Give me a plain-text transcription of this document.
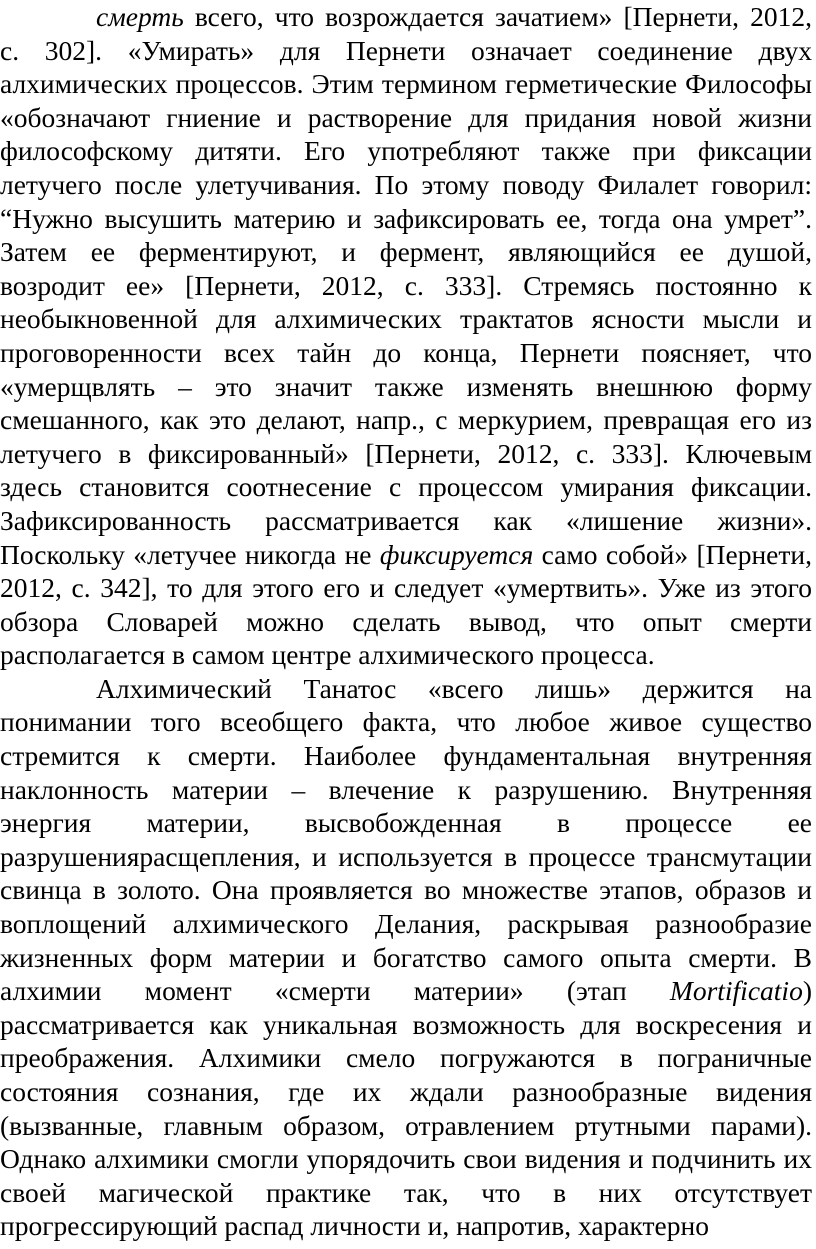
смерть всего, что возрождается зачатием» [Пернети, 2012,
с. 302]. «Умирать» для Пернети означает соединение двух
алхимических процессов. Этим термином герметические Философы
«обозначают гниение и растворение для придания новой жизни
философскому дитяти. Его употребляют также при фиксации
летучего после улетучивания. По этому поводу Филалет говорил:
“Нужно высушить материю и зафиксировать ее, тогда она умрет”.
Затем ее ферментируют, и фермент, являющийся ее душой,
возродит ее» [Пернети, 2012, с. 333]. Стремясь постоянно к
необыкновенной для алхимических трактатов ясности мысли и
проговоренности всех тайн до конца, Пернети поясняет, что
«умерщвлять – это значит также изменять внешнюю форму
смешанного, как это делают, напр., с меркурием, превращая его из
летучего в фиксированный» [Пернети, 2012, с. 333]. Ключевым
здесь становится соотнесение с процессом умирания фиксации.
Зафиксированность рассматривается как «лишение жизни».
Поскольку «летучее никогда не фиксируется само собой» [Пернети,
2012, с. 342], то для этого его и следует «умертвить». Уже из этого
обзора Словарей можно сделать вывод, что опыт смерти
располагается в самом центре алхимического процесса.
Алхимический Танатос «всего лишь» держится на
понимании того всеобщего факта, что любое живое существо
стремится к смерти. Наиболее фундаментальная внутренняя
наклонность материи – влечение к разрушению. Внутренняя
энергия материи, высвобожденная в процессе ее
разрушениярасщепления, и используется в процессе трансмутации
свинца в золото. Она проявляется во множестве этапов, образов и
воплощений алхимического Делания, раскрывая разнообразие
жизненных форм материи и богатство самого опыта смерти. В
алхимии момент «смерти материи» (этап Mortificatio)
рассматривается как уникальная возможность для воскресения и
преображения. Алхимики смело погружаются в пограничные
состояния сознания, где их ждали разнообразные видения
(вызванные, главным образом, отравлением ртутными парами).
Однако алхимики смогли упорядочить свои видения и подчинить их
своей магической практике так, что в них отсутствует
прогрессирующий распад личности и, напротив, характерно
